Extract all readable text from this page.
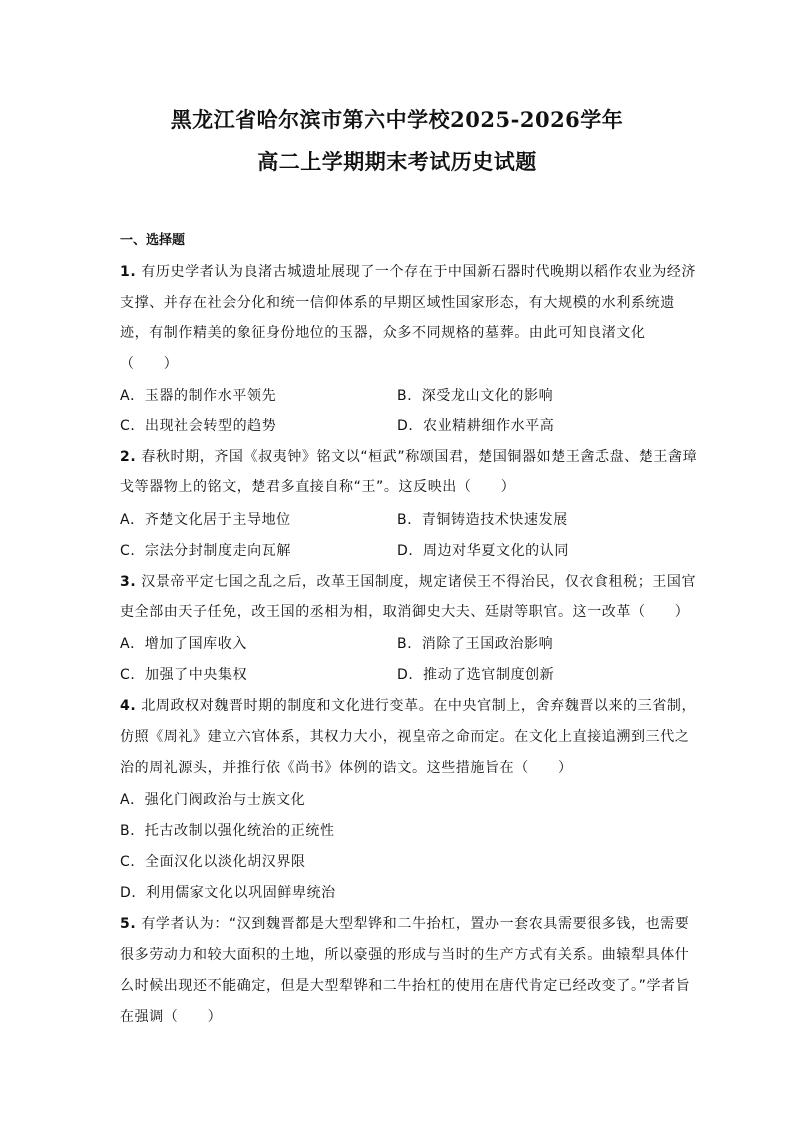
黑龙江省哈尔滨市第六中学校2025-2026学年
高二上学期期末考试历史试题
一、选择题
1. 有历史学者认为良渚古城遗址展现了一个存在于中国新石器时代晚期以稻作农业为经济
支撑、并存在社会分化和统一信仰体系的早期区域性国家形态，有大规模的水利系统遗
迹，有制作精美的象征身份地位的玉器，众多不同规格的墓葬。由此可知良渚文化
（　　）
A．玉器的制作水平领先	B．深受龙山文化的影响
C．出现社会转型的趋势	D．农业精耕细作水平高
2. 春秋时期，齐国《叔夷钟》铭文以“桓武”称颂国君，楚国铜器如楚王酓忎盘、楚王酓璋
戈等器物上的铭文，楚君多直接自称“王”。这反映出（　　）
A．齐楚文化居于主导地位	B．青铜铸造技术快速发展
C．宗法分封制度走向瓦解	D．周边对华夏文化的认同
3. 汉景帝平定七国之乱之后，改革王国制度，规定诸侯王不得治民，仅衣食租税；王国官
吏全部由天子任免，改王国的丞相为相，取消御史大夫、廷尉等职官。这一改革（　　）
A．增加了国库收入	B．消除了王国政治影响
C．加强了中央集权	D．推动了选官制度创新
4. 北周政权对魏晋时期的制度和文化进行变革。在中央官制上，舍弃魏晋以来的三省制，
仿照《周礼》建立六官体系，其权力大小，视皇帝之命而定。在文化上直接追溯到三代之
治的周礼源头，并推行依《尚书》体例的诰文。这些措施旨在（　　）
A．强化门阀政治与士族文化
B．托古改制以强化统治的正统性
C．全面汉化以淡化胡汉界限
D．利用儒家文化以巩固鲜卑统治
5. 有学者认为：“汉到魏晋都是大型犁铧和二牛抬杠，置办一套农具需要很多钱，也需要
很多劳动力和较大面积的土地，所以豪强的形成与当时的生产方式有关系。曲辕犁具体什
么时候出现还不能确定，但是大型犁铧和二牛抬杠的使用在唐代肯定已经改变了。”学者旨
在强调（　　）
